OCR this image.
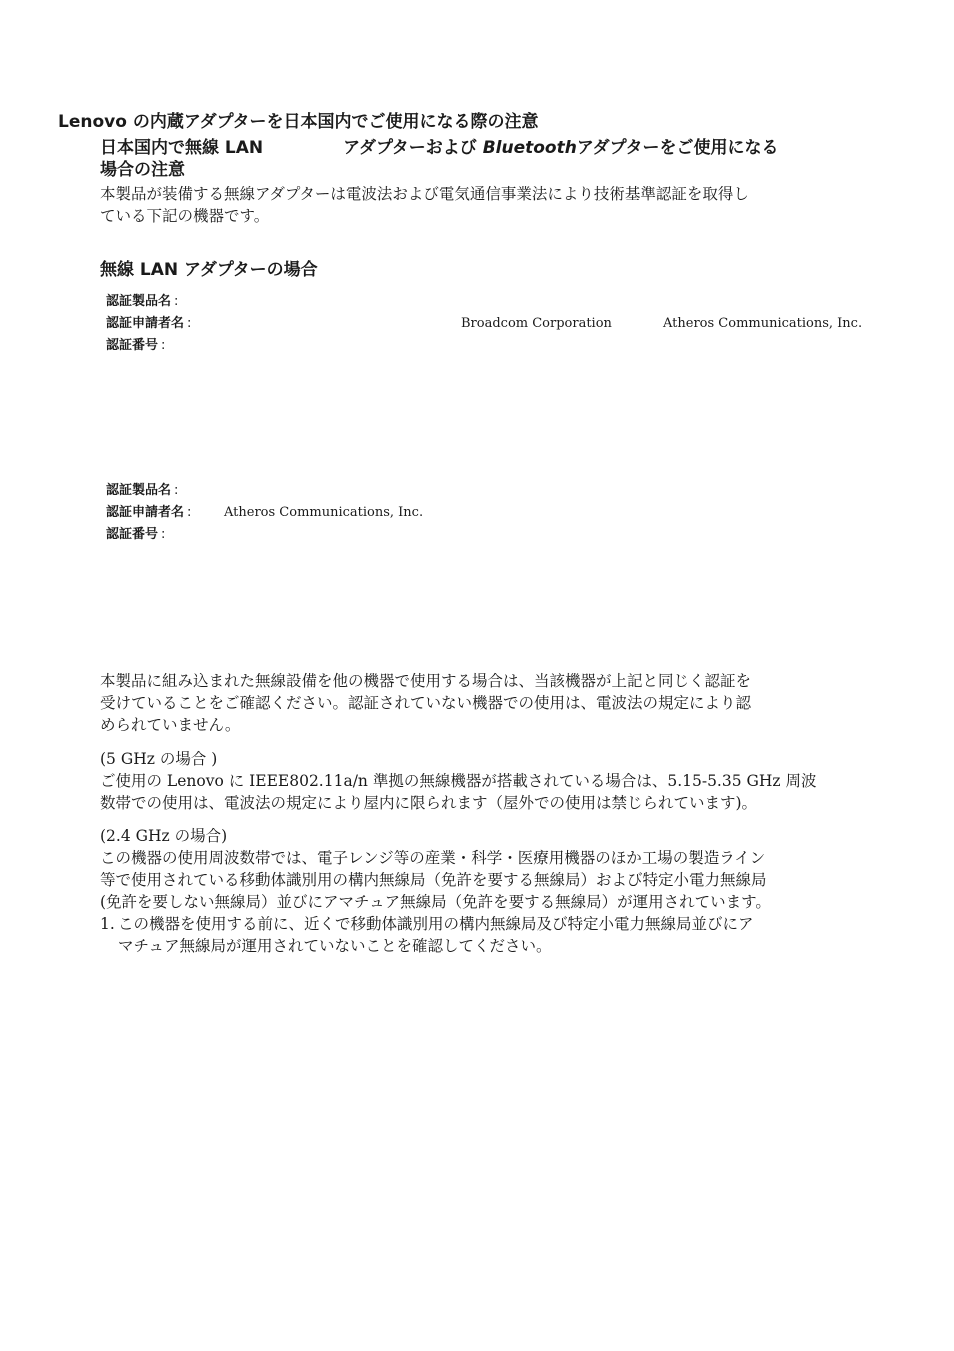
Lenovo の内蔵アダプターを日本国内でご使用になる際の注意
日本国内で無線 LAN	アダプターおよび Bluetoothアダプターをご使用になる
場合の注意
本製品が装備する無線アダプターは電波法および電気通信事業法により技術基準認証を取得し
ている下記の機器です。
無線 LAN アダプターの場合
認証製品名 :
認証申請者名 :	Broadcom Corporation	Atheros Communications, Inc.
認証番号 :
認証製品名 :
認証申請者名 :	Atheros Communications, Inc.
認証番号 :
本製品に組み込まれた無線設備を他の機器で使用する場合は、当該機器が上記と同じく認証を
受けていることをご確認ください。認証されていない機器での使用は、電波法の規定により認
められていません。
(5 GHz の場合 )
ご使用の Lenovo に IEEE802.11a/n 準拠の無線機器が搭載されている場合は、5.15-5.35 GHz 周波
数帯での使用は、電波法の規定により屋内に限られます（屋外での使用は禁じられています)。
(2.4 GHz の場合)
この機器の使用周波数帯では、電子レンジ等の産業・科学・医療用機器のほか工場の製造ライン
等で使用されている移動体識別用の構内無線局（免許を要する無線局）および特定小電力無線局
(免許を要しない無線局）並びにアマチュア無線局（免許を要する無線局）が運用されています。
1. この機器を使用する前に、近くで移動体識別用の構内無線局及び特定小電力無線局並びにア
マチュア無線局が運用されていないことを確認してください。
